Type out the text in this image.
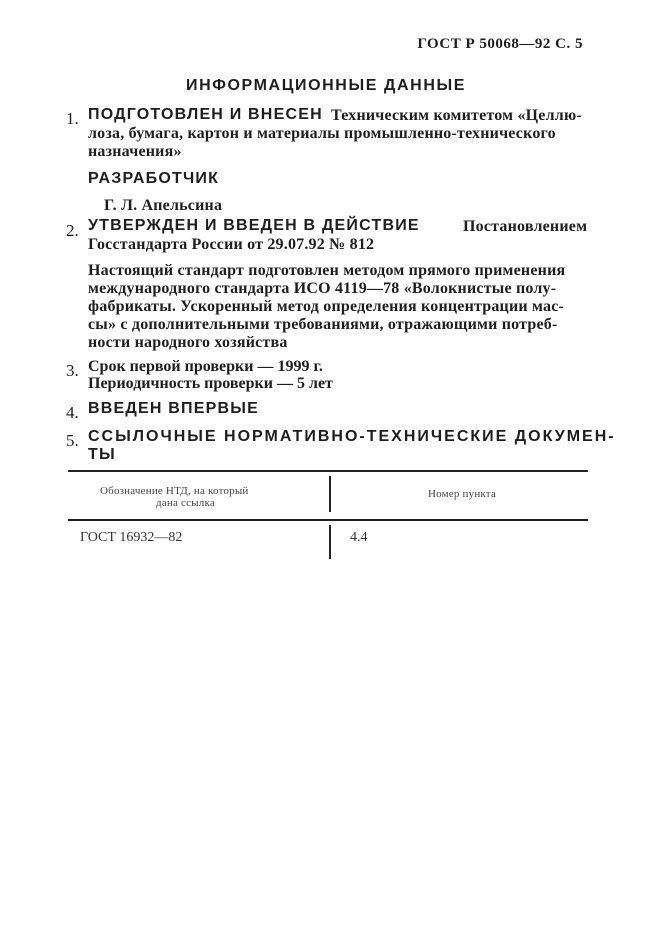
ГОСТ Р 50068—92 С. 5
ИНФОРМАЦИОННЫЕ ДАННЫЕ
1. ПОДГОТОВЛЕН И ВНЕСЕН Техническим комитетом «Целлю-
лоза, бумага, картон и материалы промышленно-технического
назначения»
РАЗРАБОТЧИК
Г. Л. Апельсина
2. УТВЕРЖДЕН И ВВЕДЕН В ДЕЙСТВИЕ	Постановлением
Госстандарта России от 29.07.92 № 812
Настоящий стандарт подготовлен методом прямого применения
международного стандарта ИСО 4119—78 «Волокнистые полу-
фабрикаты. Ускоренный метод определения концентрации мас-
сы» с дополнительными требованиями, отражающими потреб-
ности народного хозяйства
3. Срок первой проверки — 1999 г.
Периодичность проверки — 5 лет
4. ВВЕДЕН ВПЕРВЫЕ
5. ССЫЛОЧНЫЕ НОРМАТИВНО-ТЕХНИЧЕСКИЕ ДОКУМЕН-
ТЫ
Обозначение НТД, на который
дана ссылка
Номер пункта
ГОСТ 16932—82	4.4
